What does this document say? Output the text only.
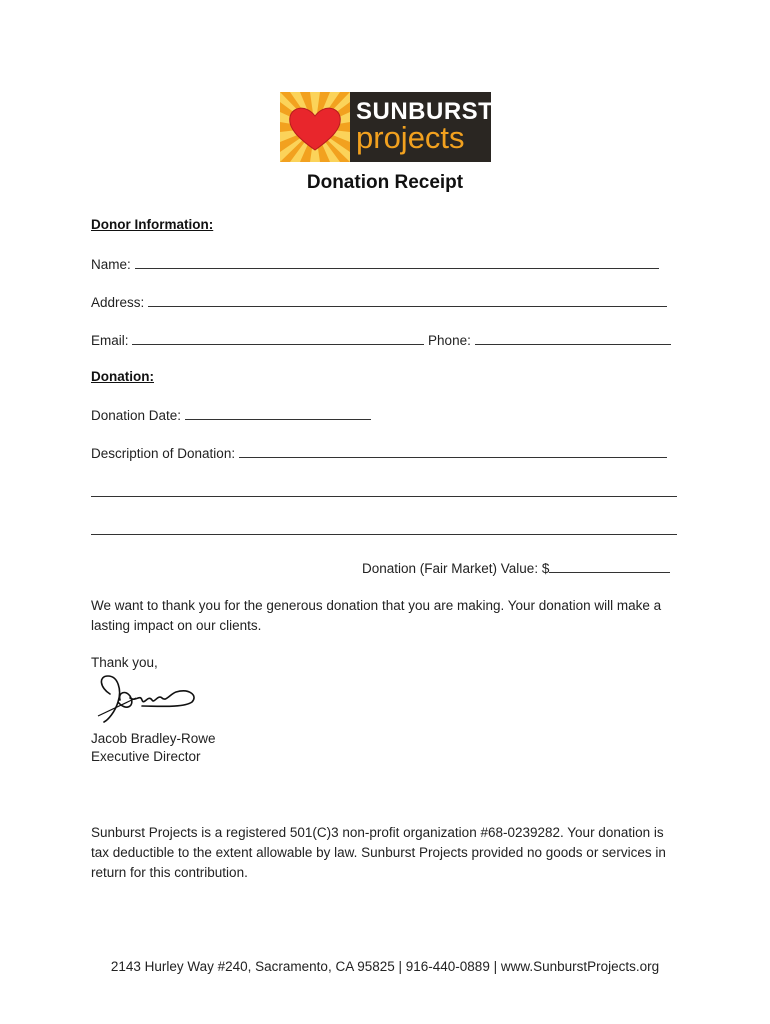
SUNBURST
projects
Donation Receipt
Donor Information:
Name:
Address:
Email:	Phone:
Donation:
Donation Date:
Description of Donation:
Donation (Fair Market) Value: $
We want to thank you for the generous donation that you are making. Your donation will make a lasting impact on our clients.
Thank you,
Jacob Bradley-Rowe
Executive Director
Sunburst Projects is a registered 501(C)3 non-profit organization #68-0239282. Your donation is tax deductible to the extent allowable by law. Sunburst Projects provided no goods or services in return for this contribution.
2143 Hurley Way #240, Sacramento, CA 95825 | 916-440-0889 | www.SunburstProjects.org
